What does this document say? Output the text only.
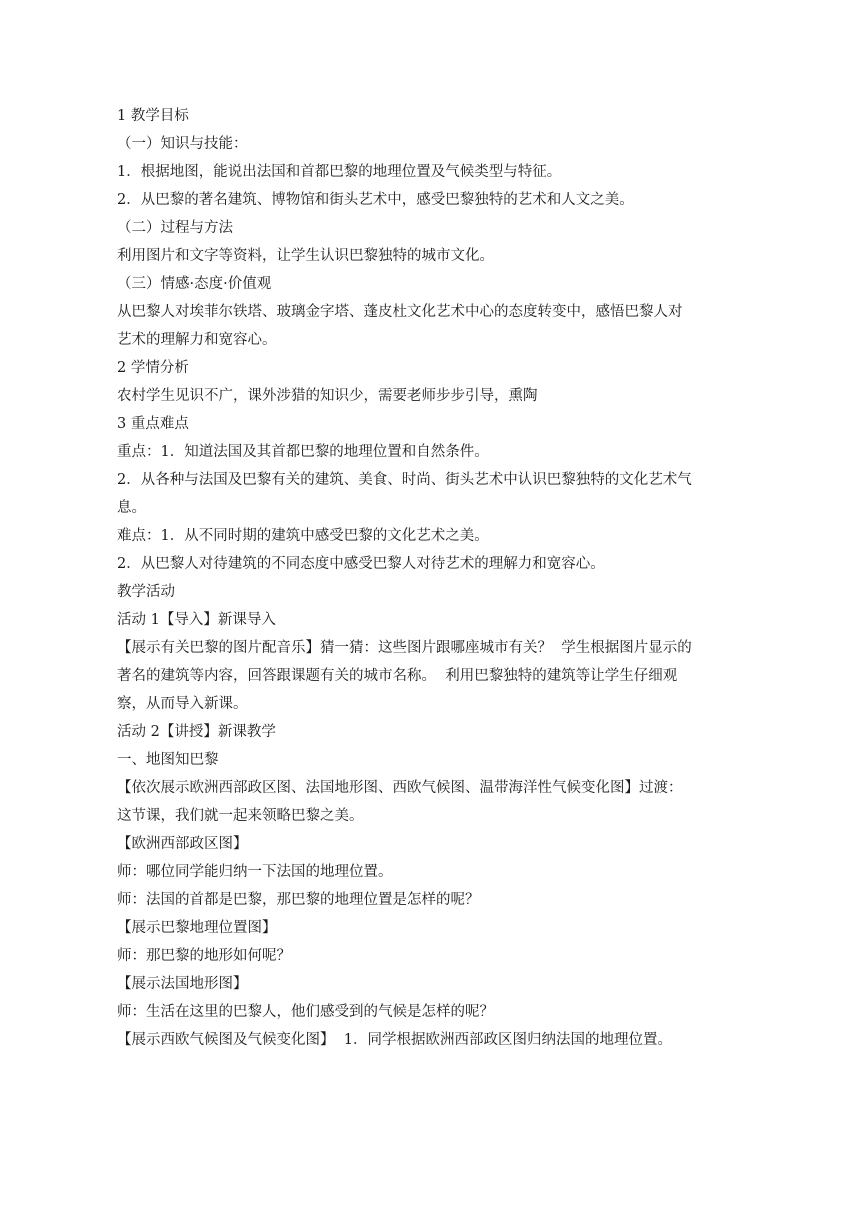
1 教学目标

（一）知识与技能：

1．根据地图，能说出法国和首都巴黎的地理位置及气候类型与特征。

2．从巴黎的著名建筑、博物馆和街头艺术中，感受巴黎独特的艺术和人文之美。

（二）过程与方法

利用图片和文字等资料，让学生认识巴黎独特的城市文化。

（三）情感·态度·价值观

从巴黎人对埃菲尔铁塔、玻璃金字塔、蓬皮杜文化艺术中心的态度转变中，感悟巴黎人对

艺术的理解力和宽容心。

2 学情分析

农村学生见识不广，课外涉猎的知识少，需要老师步步引导，熏陶

3 重点难点

重点：1．知道法国及其首都巴黎的地理位置和自然条件。

2．从各种与法国及巴黎有关的建筑、美食、时尚、街头艺术中认识巴黎独特的文化艺术气

息。

难点：1．从不同时期的建筑中感受巴黎的文化艺术之美。

2．从巴黎人对待建筑的不同态度中感受巴黎人对待艺术的理解力和宽容心。

教学活动

活动 1【导入】新课导入

【展示有关巴黎的图片配音乐】猜一猜：这些图片跟哪座城市有关？  学生根据图片显示的

著名的建筑等内容，回答跟课题有关的城市名称。  利用巴黎独特的建筑等让学生仔细观

察，从而导入新课。

活动 2【讲授】新课教学

一、地图知巴黎

【依次展示欧洲西部政区图、法国地形图、西欧气候图、温带海洋性气候变化图】过渡：

这节课，我们就一起来领略巴黎之美。

【欧洲西部政区图】

师：哪位同学能归纳一下法国的地理位置。

师：法国的首都是巴黎，那巴黎的地理位置是怎样的呢？

【展示巴黎地理位置图】

师：那巴黎的地形如何呢？

【展示法国地形图】

师：生活在这里的巴黎人，他们感受到的气候是怎样的呢？

【展示西欧气候图及气候变化图】  1．同学根据欧洲西部政区图归纳法国的地理位置。
